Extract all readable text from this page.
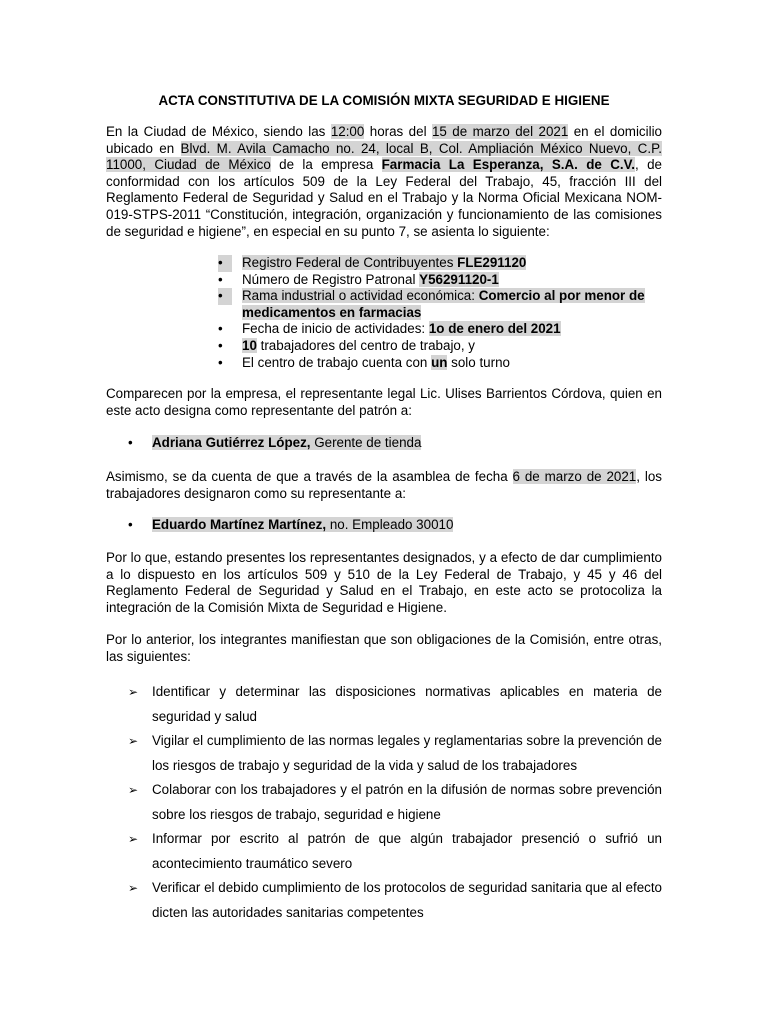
ACTA CONSTITUTIVA DE LA COMISIÓN MIXTA SEGURIDAD E HIGIENE

En la Ciudad de México, siendo las 12:00 horas del 15 de marzo del 2021 en el domicilio ubicado en Blvd. M. Avila Camacho no. 24, local B, Col. Ampliación México Nuevo, C.P. 11000, Ciudad de México de la empresa Farmacia La Esperanza, S.A. de C.V., de conformidad con los artículos 509 de la Ley Federal del Trabajo, 45, fracción III del Reglamento Federal de Seguridad y Salud en el Trabajo y la Norma Oficial Mexicana NOM-019-STPS-2011 “Constitución, integración, organización y funcionamiento de las comisiones de seguridad e higiene”, en especial en su punto 7, se asienta lo siguiente:

•	Registro Federal de Contribuyentes FLE291120
•	Número de Registro Patronal Y56291120-1
•	Rama industrial o actividad económica: Comercio al por menor de medicamentos en farmacias
•	Fecha de inicio de actividades: 1o de enero del 2021
•	10 trabajadores del centro de trabajo, y
•	El centro de trabajo cuenta con un solo turno

Comparecen por la empresa, el representante legal Lic. Ulises Barrientos Córdova, quien en este acto designa como representante del patrón a:

•	Adriana Gutiérrez López, Gerente de tienda

Asimismo, se da cuenta de que a través de la asamblea de fecha 6 de marzo de 2021, los trabajadores designaron como su representante a:

•	Eduardo Martínez Martínez, no. Empleado 30010

Por lo que, estando presentes los representantes designados, y a efecto de dar cumplimiento a lo dispuesto en los artículos 509 y 510 de la Ley Federal de Trabajo, y 45 y 46 del Reglamento Federal de Seguridad y Salud en el Trabajo, en este acto se protocoliza la integración de la Comisión Mixta de Seguridad e Higiene.

Por lo anterior, los integrantes manifiestan que son obligaciones de la Comisión, entre otras, las siguientes:

➢ Identificar y determinar las disposiciones normativas aplicables en materia de seguridad y salud
➢ Vigilar el cumplimiento de las normas legales y reglamentarias sobre la prevención de los riesgos de trabajo y seguridad de la vida y salud de los trabajadores
➢ Colaborar con los trabajadores y el patrón en la difusión de normas sobre prevención sobre los riesgos de trabajo, seguridad e higiene
➢ Informar por escrito al patrón de que algún trabajador presenció o sufrió un acontecimiento traumático severo
➢ Verificar el debido cumplimiento de los protocolos de seguridad sanitaria que al efecto dicten las autoridades sanitarias competentes
